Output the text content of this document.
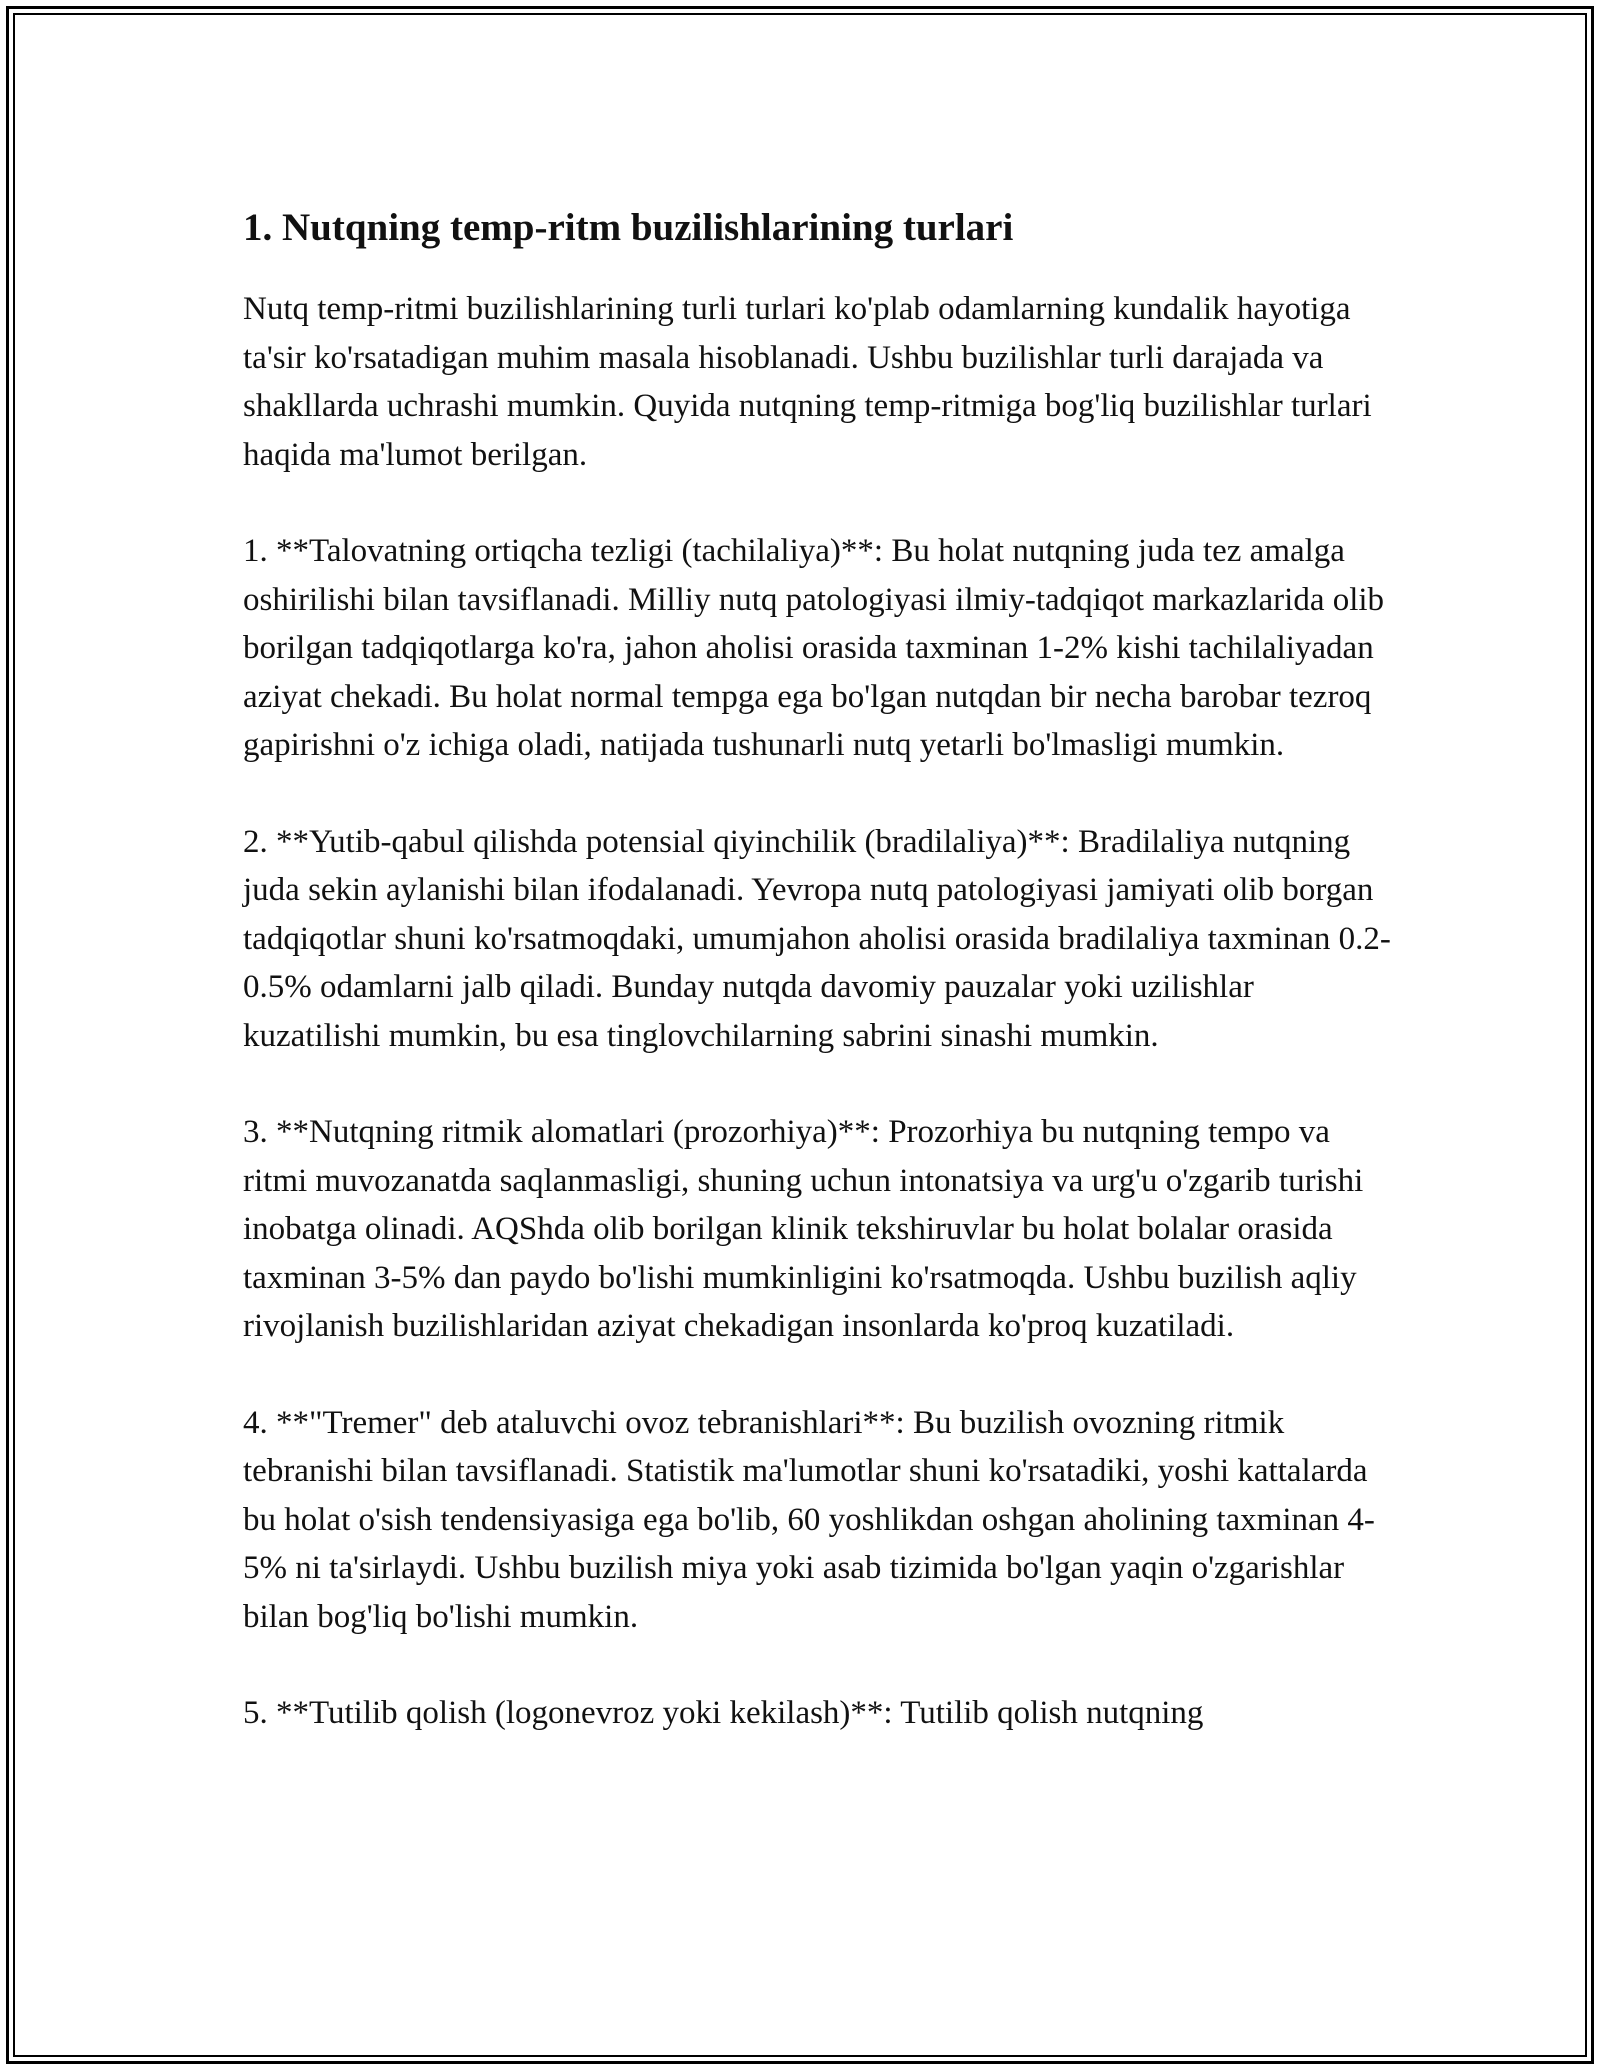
1. Nutqning temp-ritm buzilishlarining turlari

Nutq temp-ritmi buzilishlarining turli turlari ko'plab odamlarning kundalik hayotiga ta'sir ko'rsatadigan muhim masala hisoblanadi. Ushbu buzilishlar turli darajada va shakllarda uchrashi mumkin. Quyida nutqning temp-ritmiga bog'liq buzilishlar turlari haqida ma'lumot berilgan.

1. **Talovatning ortiqcha tezligi (tachilaliya)**: Bu holat nutqning juda tez amalga oshirilishi bilan tavsiflanadi. Milliy nutq patologiyasi ilmiy-tadqiqot markazlarida olib borilgan tadqiqotlarga ko'ra, jahon aholisi orasida taxminan 1-2% kishi tachilaliyadan aziyat chekadi. Bu holat normal tempga ega bo'lgan nutqdan bir necha barobar tezroq gapirishni o'z ichiga oladi, natijada tushunarli nutq yetarli bo'lmasligi mumkin.

2. **Yutib-qabul qilishda potensial qiyinchilik (bradilaliya)**: Bradilaliya nutqning juda sekin aylanishi bilan ifodalanadi. Yevropa nutq patologiyasi jamiyati olib borgan tadqiqotlar shuni ko'rsatmoqdaki, umumjahon aholisi orasida bradilaliya taxminan 0.2-0.5% odamlarni jalb qiladi. Bunday nutqda davomiy pauzalar yoki uzilishlar kuzatilishi mumkin, bu esa tinglovchilarning sabrini sinashi mumkin.

3. **Nutqning ritmik alomatlari (prozorhiya)**: Prozorhiya bu nutqning tempo va ritmi muvozanatda saqlanmasligi, shuning uchun intonatsiya va urg'u o'zgarib turishi inobatga olinadi. AQShda olib borilgan klinik tekshiruvlar bu holat bolalar orasida taxminan 3-5% dan paydo bo'lishi mumkinligini ko'rsatmoqda. Ushbu buzilish aqliy rivojlanish buzilishlaridan aziyat chekadigan insonlarda ko'proq kuzatiladi.

4. **"Tremer" deb ataluvchi ovoz tebranishlari**: Bu buzilish ovozning ritmik tebranishi bilan tavsiflanadi. Statistik ma'lumotlar shuni ko'rsatadiki, yoshi kattalarda bu holat o'sish tendensiyasiga ega bo'lib, 60 yoshlikdan oshgan aholining taxminan 4-5% ni ta'sirlaydi. Ushbu buzilish miya yoki asab tizimida bo'lgan yaqin o'zgarishlar bilan bog'liq bo'lishi mumkin.

5. **Tutilib qolish (logonevroz yoki kekilash)**: Tutilib qolish nutqning
